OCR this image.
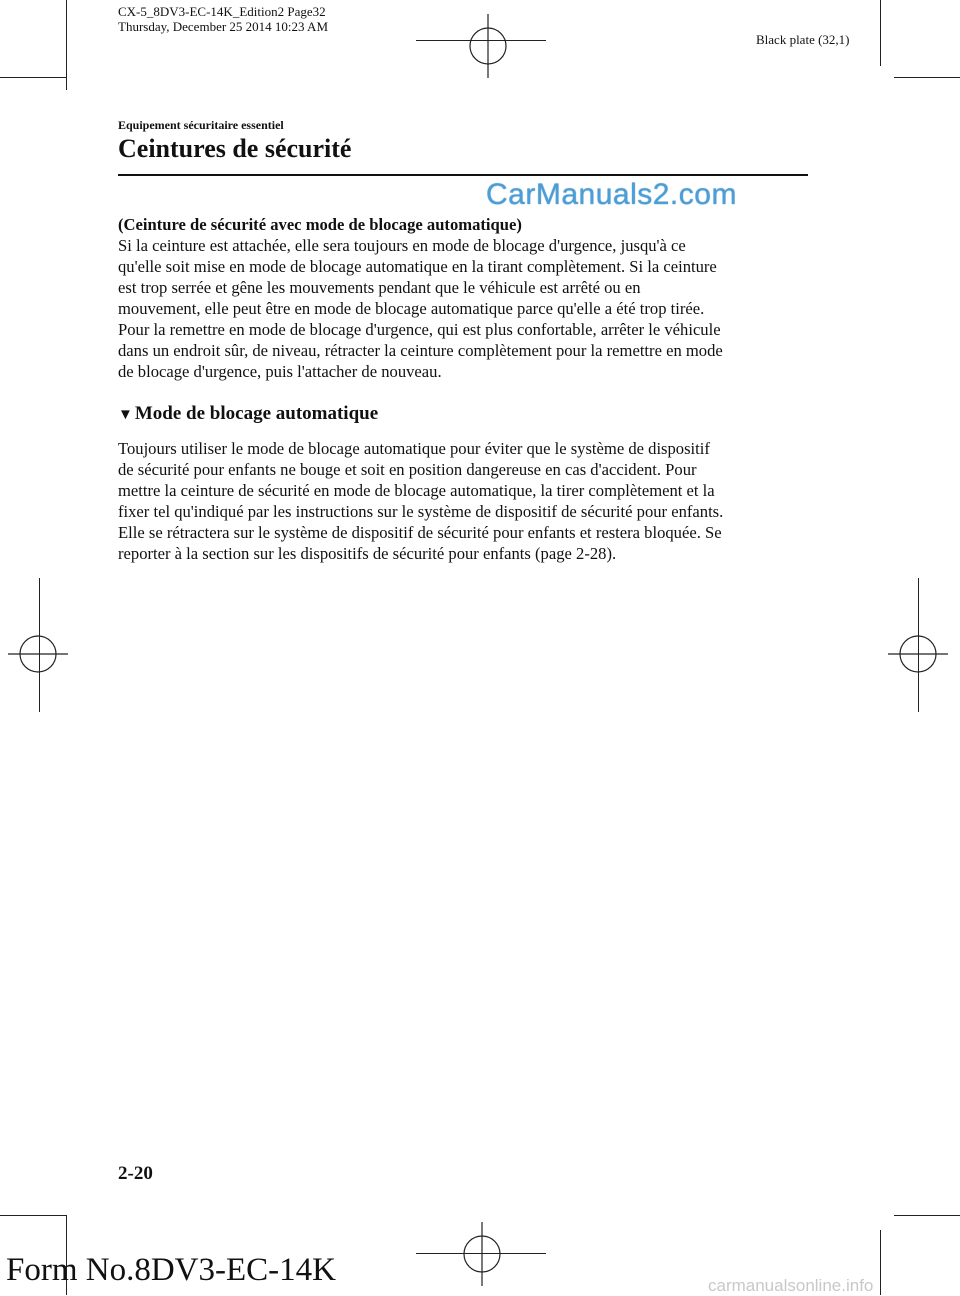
CX-5_8DV3-EC-14K_Edition2 Page32
Thursday, December 25 2014 10:23 AM
Black plate (32,1)
Equipement sécuritaire essentiel
Ceintures de sécurité
CarManuals2.com
(Ceinture de sécurité avec mode de blocage automatique)
Si la ceinture est attachée, elle sera toujours en mode de blocage d'urgence, jusqu'à ce
qu'elle soit mise en mode de blocage automatique en la tirant complètement. Si la ceinture
est trop serrée et gêne les mouvements pendant que le véhicule est arrêté ou en
mouvement, elle peut être en mode de blocage automatique parce qu'elle a été trop tirée.
Pour la remettre en mode de blocage d'urgence, qui est plus confortable, arrêter le véhicule
dans un endroit sûr, de niveau, rétracter la ceinture complètement pour la remettre en mode
de blocage d'urgence, puis l'attacher de nouveau.
▼ Mode de blocage automatique
Toujours utiliser le mode de blocage automatique pour éviter que le système de dispositif
de sécurité pour enfants ne bouge et soit en position dangereuse en cas d'accident. Pour
mettre la ceinture de sécurité en mode de blocage automatique, la tirer complètement et la
fixer tel qu'indiqué par les instructions sur le système de dispositif de sécurité pour enfants.
Elle se rétractera sur le système de dispositif de sécurité pour enfants et restera bloquée. Se
reporter à la section sur les dispositifs de sécurité pour enfants (page 2-28).
2-20
Form No.8DV3-EC-14K	carmanualsonline.info
